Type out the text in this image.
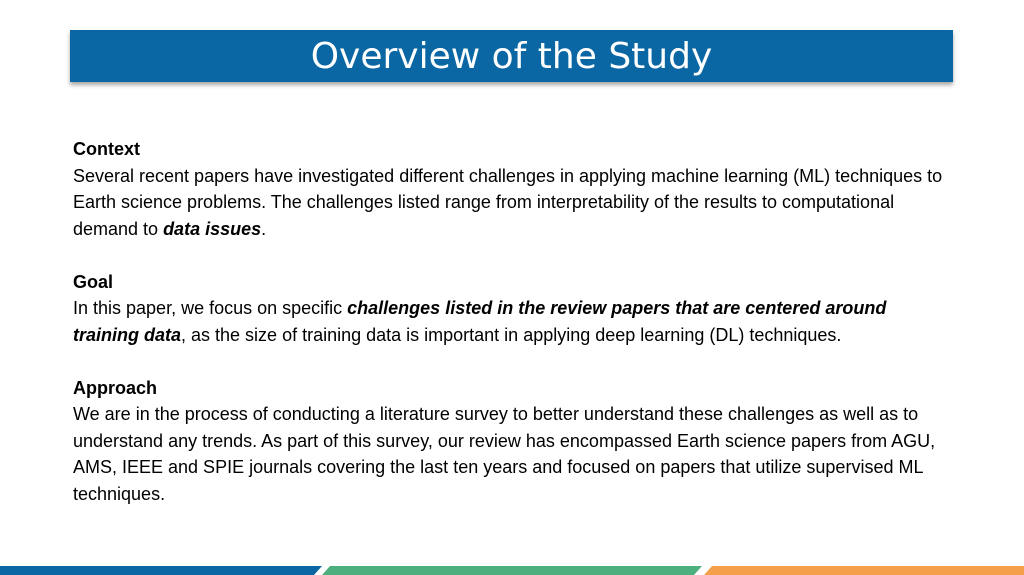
Overview of the Study
Context
Several recent papers have investigated different challenges in applying machine learning (ML) techniques to Earth science problems. The challenges listed range from interpretability of the results to computational demand to data issues.
Goal
In this paper, we focus on specific challenges listed in the review papers that are centered around training data, as the size of training data is important in applying deep learning (DL) techniques.
Approach
We are in the process of conducting a literature survey to better understand these challenges as well as to understand any trends. As part of this survey, our review has encompassed Earth science papers from AGU, AMS, IEEE and SPIE journals covering the last ten years and focused on papers that utilize supervised ML techniques.
